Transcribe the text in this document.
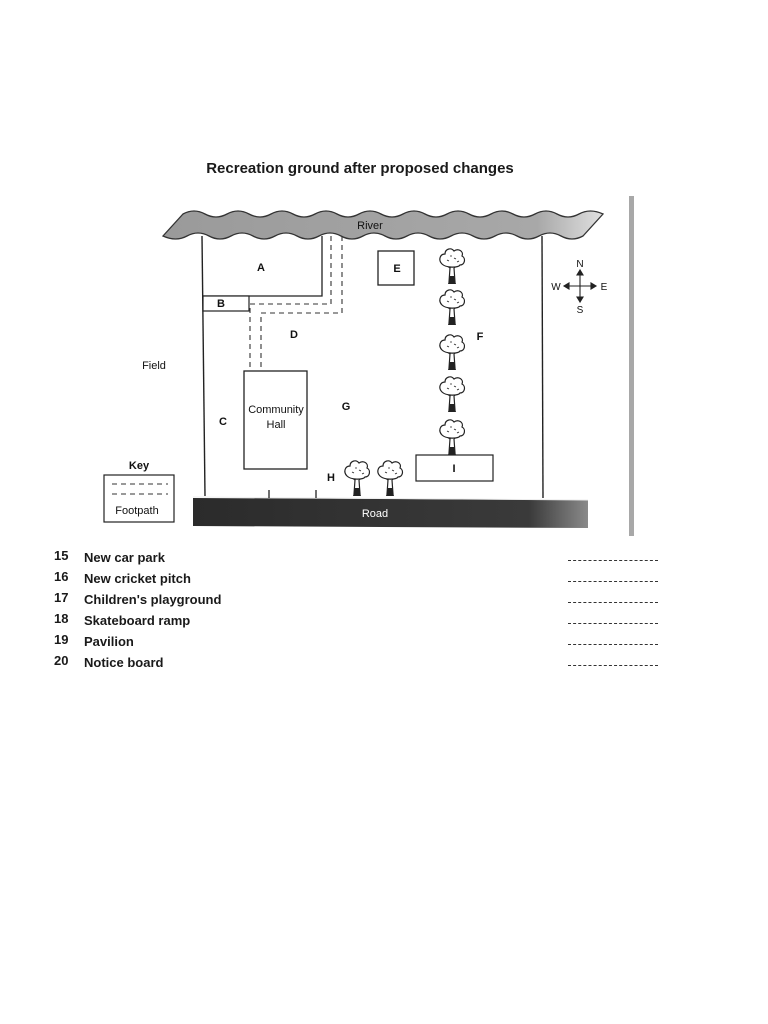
Recreation ground after proposed changes
River
Road
A
B
C
D
E
F
G
H
I
Community
Hall
Field
N
S
W	E
Key
Footpath
15 New car park
16 New cricket pitch
17 Children's playground
18 Skateboard ramp
19 Pavilion
20 Notice board
